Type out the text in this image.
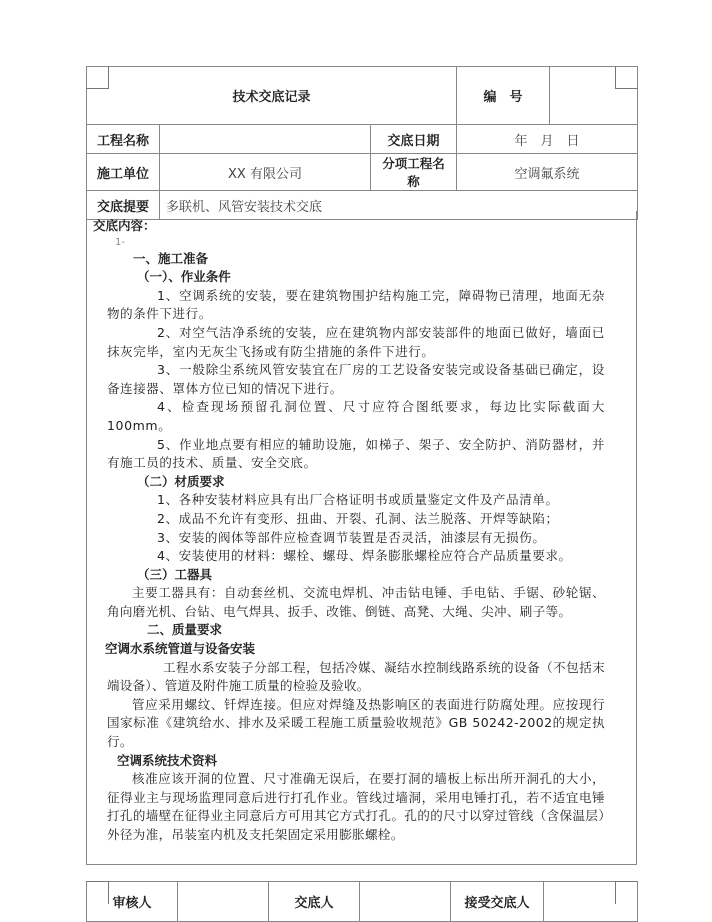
技术交底记录			编　号	
工程名称		交底日期	年　月　日	
施工单位	XX 有限公司	分项工程名称	空调氟系统	
交底提要	多联机、风管安装技术交底			
交底内容：
1-
一、施工准备
（一）、作业条件
1、空调系统的安装，要在建筑物围护结构施工完，障碍物已清理，地面无杂物的条件下进行。
2、对空气洁净系统的安装，应在建筑物内部安装部件的地面已做好，墙面已抹灰完毕，室内无灰尘飞扬或有防尘措施的条件下进行。
3、一般除尘系统风管安装宜在厂房的工艺设备安装完或设备基础已确定，设备连接器、罩体方位已知的情况下进行。
4、检查现场预留孔洞位置、尺寸应符合图纸要求，每边比实际截面大100mm。
5、作业地点要有相应的辅助设施，如梯子、架子、安全防护、消防器材，并有施工员的技术、质量、安全交底。
（二）材质要求
1、各种安装材料应具有出厂合格证明书或质量鉴定文件及产品清单。
2、成品不允许有变形、扭曲、开裂、孔洞、法兰脱落、开焊等缺陷；
3、安装的阀体等部件应检查调节装置是否灵活，油漆层有无损伤。
4、安装使用的材料：螺栓、螺母、焊条膨胀螺栓应符合产品质量要求。
（三）工器具
主要工器具有：自动套丝机、交流电焊机、冲击钻电锤、手电钻、手锯、砂轮锯、角向磨光机、台钻、电气焊具、扳手、改锥、倒链、高凳、大绳、尖冲、刷子等。
二、质量要求
空调水系统管道与设备安装
工程水系安装子分部工程，包括冷媒、凝结水控制线路系统的设备（不包括末端设备）、管道及附件施工质量的检验及验收。
管应采用螺纹、钎焊连接。但应对焊缝及热影响区的表面进行防腐处理。应按现行国家标准《建筑给水、排水及采暖工程施工质量验收规范》GB 50242-2002的规定执行。
空调系统技术资料
核准应该开洞的位置、尺寸准确无误后，在要打洞的墙板上标出所开洞孔的大小，征得业主与现场监理同意后进行打孔作业。管线过墙洞，采用电锤打孔，若不适宜电锤打孔的墙壁在征得业主同意后方可用其它方式打孔。孔的的尺寸以穿过管线（含保温层）外径为准，吊装室内机及支托架固定采用膨胀螺栓。
审核人		交底人		接受交底人	
